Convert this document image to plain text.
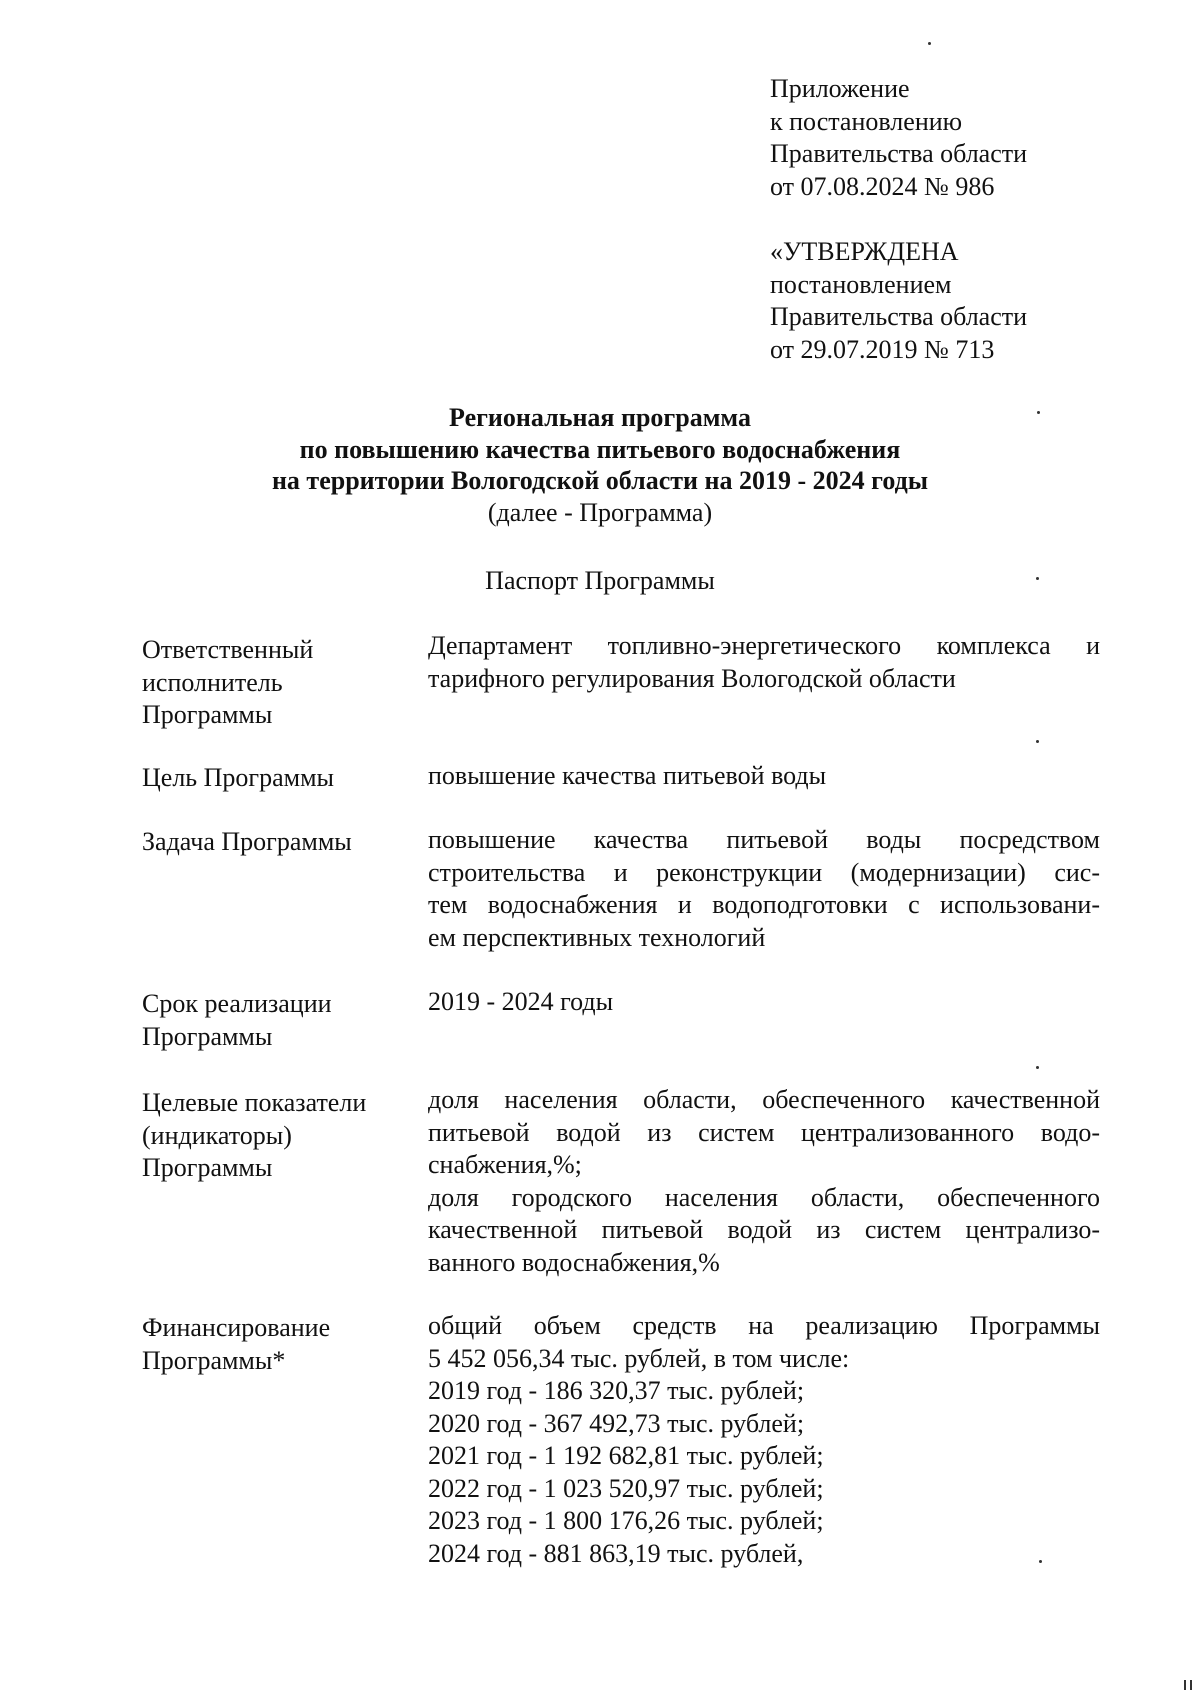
Приложение
к постановлению
Правительства области
от 07.08.2024 № 986
«УТВЕРЖДЕНА
постановлением
Правительства области
от 29.07.2019 № 713
Региональная программа
по повышению качества питьевого водоснабжения
на территории Вологодской области на 2019 - 2024 годы
(далее - Программа)
Паспорт Программы
Ответственный
исполнитель
Программы
Департамент топливно-энергетического комплекса и
тарифного регулирования Вологодской области
Цель Программы	повышение качества питьевой воды
Задача Программы	повышение качества питьевой воды посредством
строительства и реконструкции (модернизации) сис-
тем водоснабжения и водоподготовки с использовани-
ем перспективных технологий
Срок реализации
Программы
2019 - 2024 годы
Целевые показатели
(индикаторы)
Программы
доля населения области, обеспеченного качественной
питьевой водой из систем централизованного водо-
снабжения,%;
доля городского населения области, обеспеченного
качественной питьевой водой из систем централизо-
ванного водоснабжения,%
Финансирование
Программы*
общий объем средств на реализацию Программы
5 452 056,34 тыс. рублей, в том числе:
2019 год - 186 320,37 тыс. рублей;
2020 год - 367 492,73 тыс. рублей;
2021 год - 1 192 682,81 тыс. рублей;
2022 год - 1 023 520,97 тыс. рублей;
2023 год - 1 800 176,26 тыс. рублей;
2024 год - 881 863,19 тыс. рублей,
